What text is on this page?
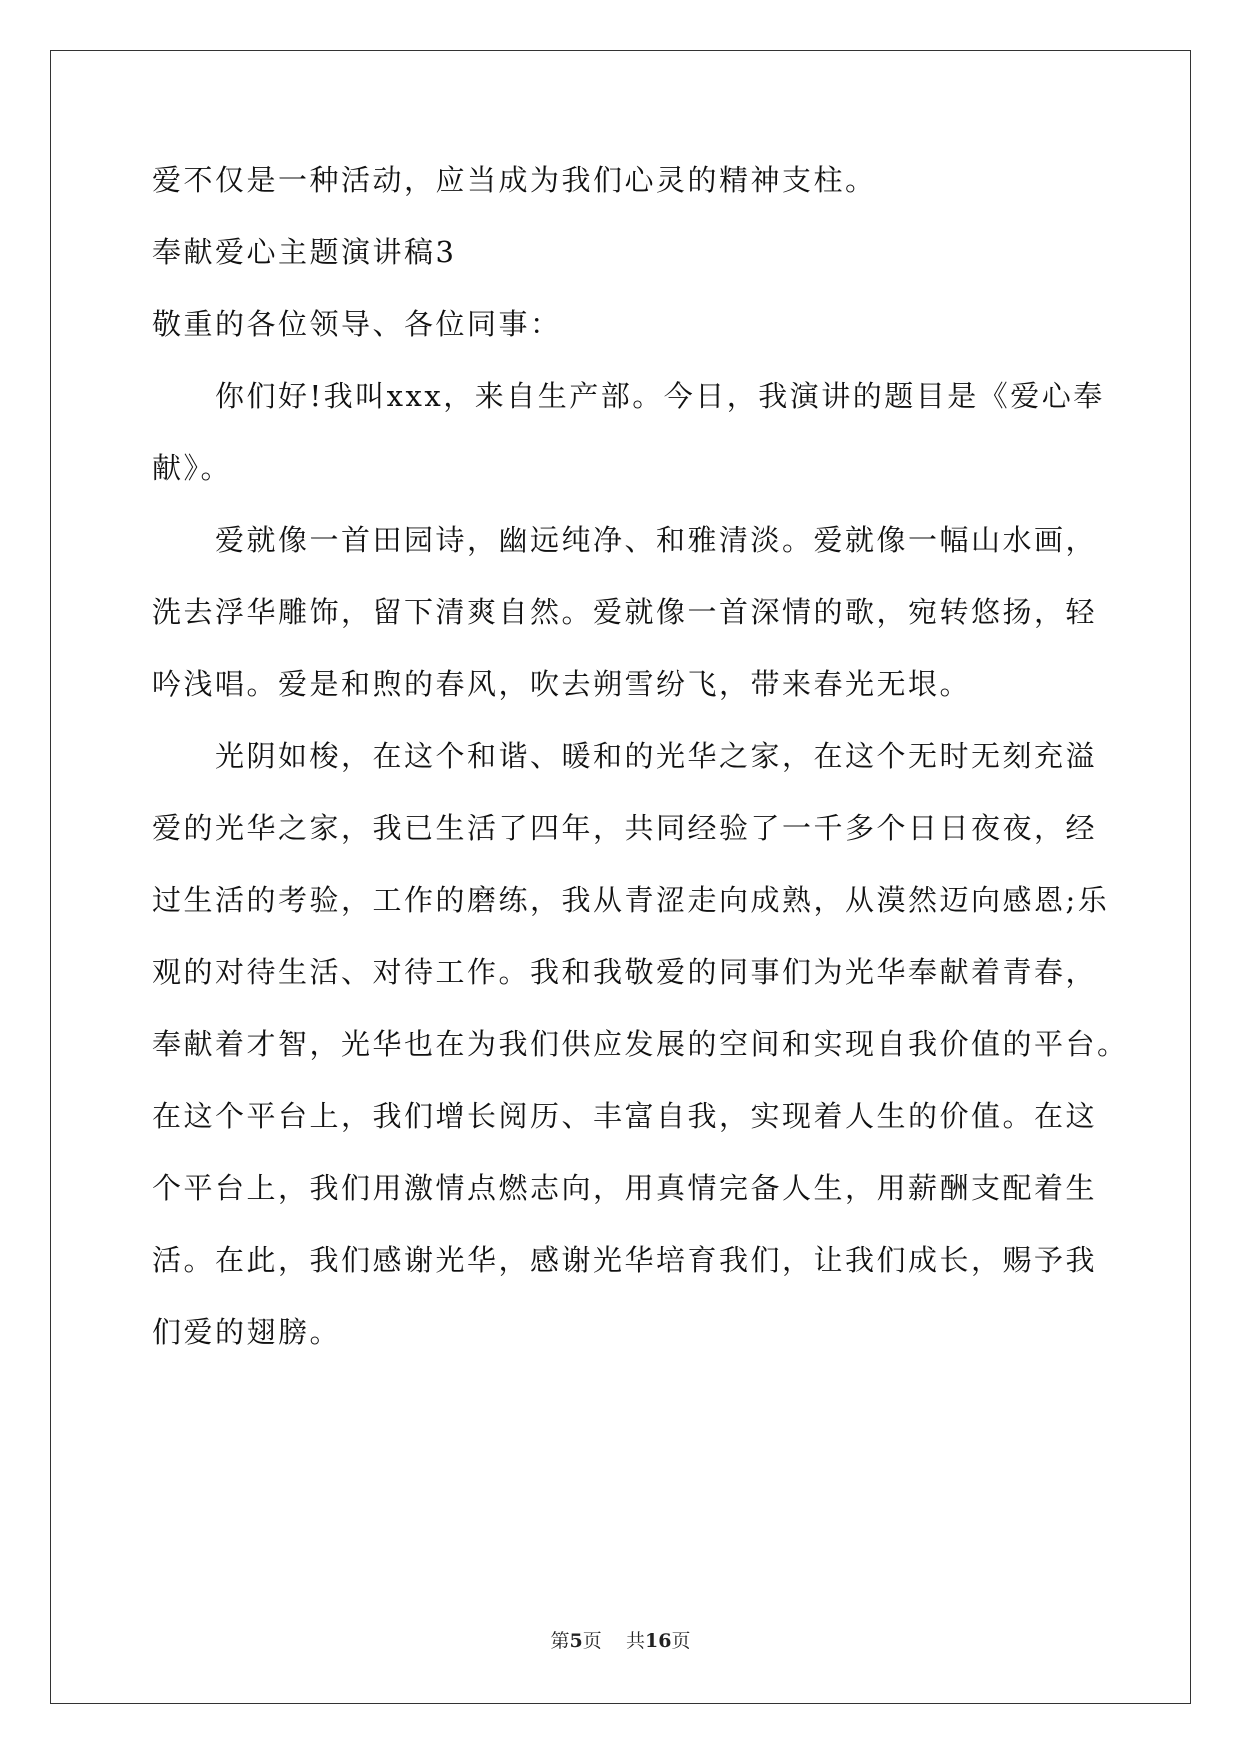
爱不仅是一种活动，应当成为我们心灵的精神支柱。
奉献爱心主题演讲稿3
敬重的各位领导、各位同事：
　　你们好!我叫xxx，来自生产部。今日，我演讲的题目是《爱心奉
献》。
　　爱就像一首田园诗，幽远纯净、和雅清淡。爱就像一幅山水画，
洗去浮华雕饰，留下清爽自然。爱就像一首深情的歌，宛转悠扬，轻
吟浅唱。爱是和煦的春风，吹去朔雪纷飞，带来春光无垠。
　　光阴如梭，在这个和谐、暖和的光华之家，在这个无时无刻充溢
爱的光华之家，我已生活了四年，共同经验了一千多个日日夜夜，经
过生活的考验，工作的磨练，我从青涩走向成熟，从漠然迈向感恩;乐
观的对待生活、对待工作。我和我敬爱的同事们为光华奉献着青春，
奉献着才智，光华也在为我们供应发展的空间和实现自我价值的平台。
在这个平台上，我们增长阅历、丰富自我，实现着人生的价值。在这
个平台上，我们用激情点燃志向，用真情完备人生，用薪酬支配着生
活。在此，我们感谢光华，感谢光华培育我们，让我们成长，赐予我
们爱的翅膀。
第5页 共16页
